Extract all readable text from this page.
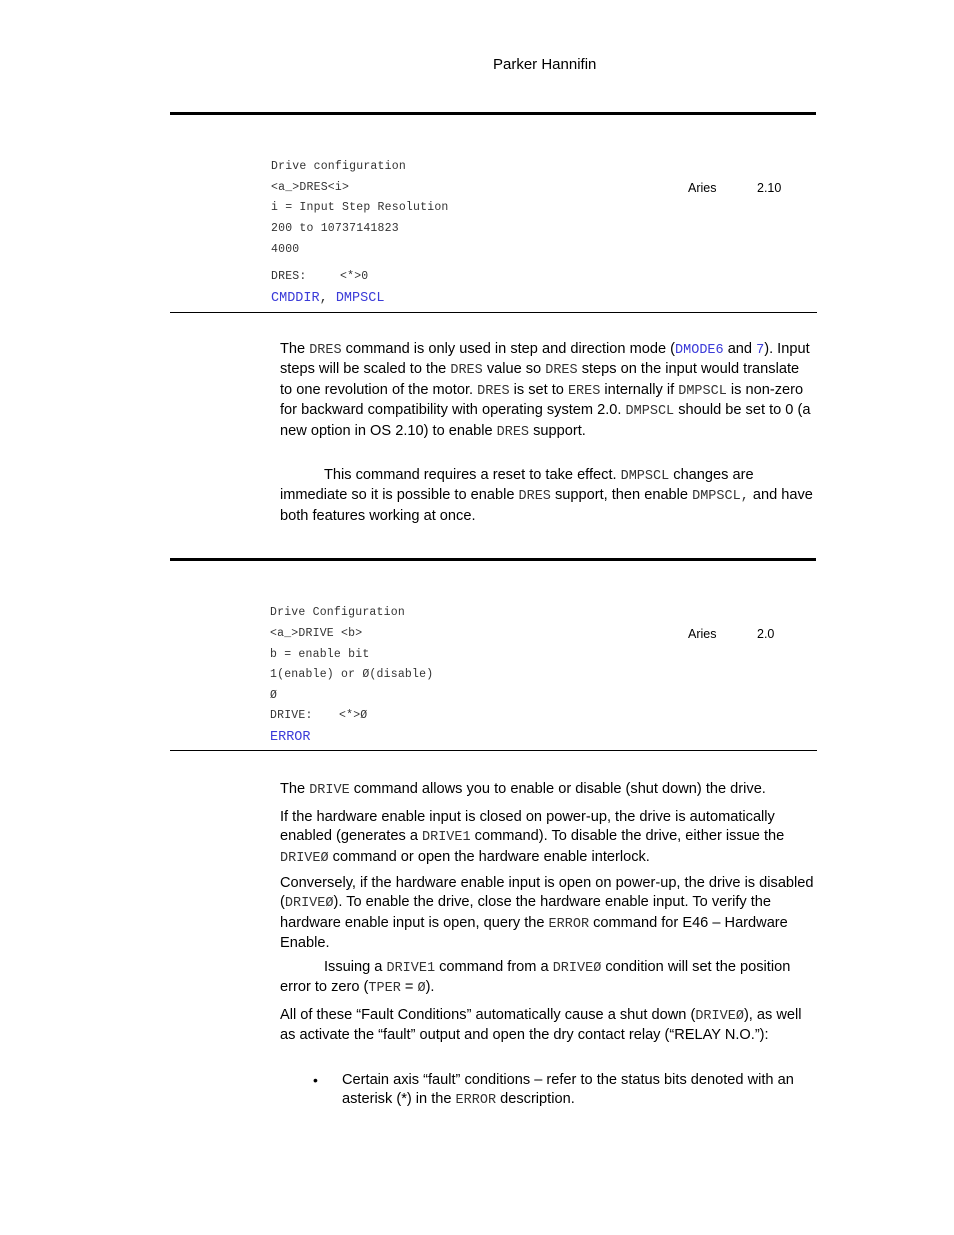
Parker Hannifin
Drive configuration
<a_>DRES<i>	Aries	2.10
i = Input Step Resolution
200 to 10737141823
4000
DRES:	<*>0
CMDDIR, DMPSCL
The DRES command is only used in step and direction mode (DMODE6 and 7). Input steps will be scaled to the DRES value so DRES steps on the input would translate to one revolution of the motor. DRES is set to ERES internally if DMPSCL is non-zero for backward compatibility with operating system 2.0. DMPSCL should be set to 0 (a new option in OS 2.10) to enable DRES support.
This command requires a reset to take effect. DMPSCL changes are immediate so it is possible to enable DRES support, then enable DMPSCL, and have both features working at once.
Drive Configuration
<a_>DRIVE <b>	Aries	2.0
b = enable bit
1(enable) or Ø(disable)
Ø
DRIVE: <*>Ø
ERROR
The DRIVE command allows you to enable or disable (shut down) the drive.
If the hardware enable input is closed on power-up, the drive is automatically enabled (generates a DRIVE1 command). To disable the drive, either issue the DRIVEØ command or open the hardware enable interlock.
Conversely, if the hardware enable input is open on power-up, the drive is disabled (DRIVEØ). To enable the drive, close the hardware enable input. To verify the hardware enable input is open, query the ERROR command for E46 – Hardware Enable.
Issuing a DRIVE1 command from a DRIVEØ condition will set the position error to zero (TPER = Ø).
All of these “Fault Conditions” automatically cause a shut down (DRIVEØ), as well as activate the “fault” output and open the dry contact relay (“RELAY N.O.”):
• Certain axis “fault” conditions – refer to the status bits denoted with an asterisk (*) in the ERROR description.
